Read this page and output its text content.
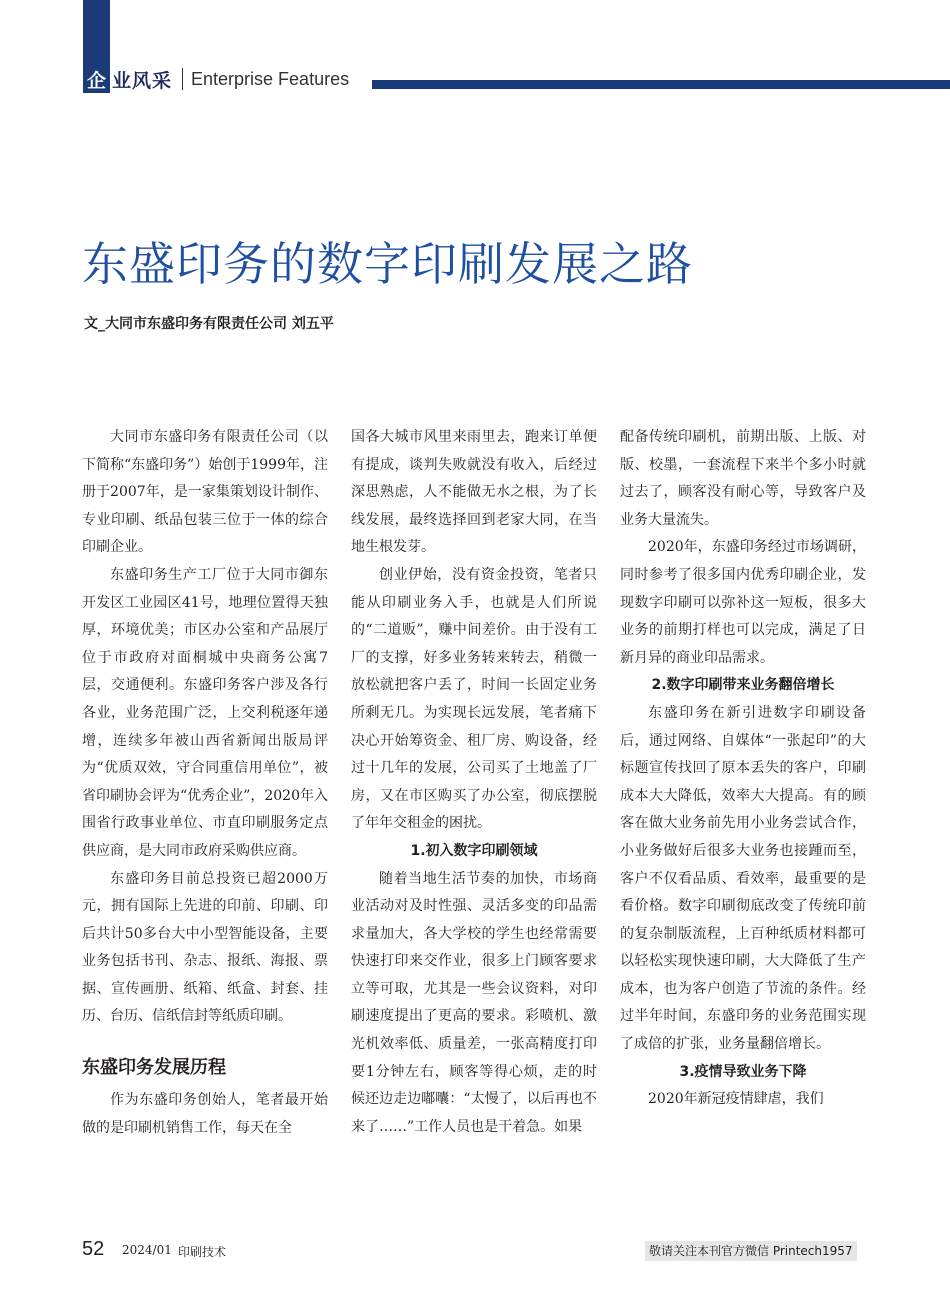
企 业风采 Enterprise Features
东盛印务的数字印刷发展之路
文_大同市东盛印务有限责任公司 刘五平

大同市东盛印务有限责任公司（以下简称“东盛印务”）始创于1999年，注册于2007年，是一家集策划设计制作、专业印刷、纸品包装三位于一体的综合印刷企业。

东盛印务生产工厂位于大同市御东开发区工业园区41号，地理位置得天独厚，环境优美；市区办公室和产品展厅位于市政府对面桐城中央商务公寓7层，交通便利。东盛印务客户涉及各行各业，业务范围广泛，上交利税逐年递增，连续多年被山西省新闻出版局评为“优质双效，守合同重信用单位”，被省印刷协会评为“优秀企业”，2020年入围省行政事业单位、市直印刷服务定点供应商，是大同市政府采购供应商。

东盛印务目前总投资已超2000万元，拥有国际上先进的印前、印刷、印后共计50多台大中小型智能设备，主要业务包括书刊、杂志、报纸、海报、票据、宣传画册、纸箱、纸盒、封套、挂历、台历、信纸信封等纸质印刷。

东盛印务发展历程

作为东盛印务创始人，笔者最开始做的是印刷机销售工作，每天在全

国各大城市风里来雨里去，跑来订单便有提成，谈判失败就没有收入，后经过深思熟虑，人不能做无水之根，为了长线发展，最终选择回到老家大同，在当地生根发芽。

创业伊始，没有资金投资，笔者只能从印刷业务入手，也就是人们所说的“二道贩”，赚中间差价。由于没有工厂的支撑，好多业务转来转去，稍微一放松就把客户丢了，时间一长固定业务所剩无几。为实现长远发展，笔者痛下决心开始筹资金、租厂房、购设备，经过十几年的发展，公司买了土地盖了厂房，又在市区购买了办公室，彻底摆脱了年年交租金的困扰。

1.初入数字印刷领域

随着当地生活节奏的加快，市场商业活动对及时性强、灵活多变的印品需求量加大，各大学校的学生也经常需要快速打印来交作业，很多上门顾客要求立等可取，尤其是一些会议资料，对印刷速度提出了更高的要求。彩喷机、激光机效率低、质量差，一张高精度打印要1分钟左右，顾客等得心烦，走的时候还边走边嘟囔：“太慢了，以后再也不来了……”工作人员也是干着急。如果

配备传统印刷机，前期出版、上版、对版、校墨，一套流程下来半个多小时就过去了，顾客没有耐心等，导致客户及业务大量流失。

2020年，东盛印务经过市场调研，同时参考了很多国内优秀印刷企业，发现数字印刷可以弥补这一短板，很多大业务的前期打样也可以完成，满足了日新月异的商业印品需求。

2.数字印刷带来业务翻倍增长

东盛印务在新引进数字印刷设备后，通过网络、自媒体“一张起印”的大标题宣传找回了原本丢失的客户，印刷成本大大降低，效率大大提高。有的顾客在做大业务前先用小业务尝试合作，小业务做好后很多大业务也接踵而至，客户不仅看品质、看效率，最重要的是看价格。数字印刷彻底改变了传统印前的复杂制版流程，上百种纸质材料都可以轻松实现快速印刷，大大降低了生产成本，也为客户创造了节流的条件。经过半年时间，东盛印务的业务范围实现了成倍的扩张，业务量翻倍增长。

3.疫情导致业务下降

2020年新冠疫情肆虐，我们

52 2024/01 印刷技术	敬请关注本刊官方微信 Printech1957
